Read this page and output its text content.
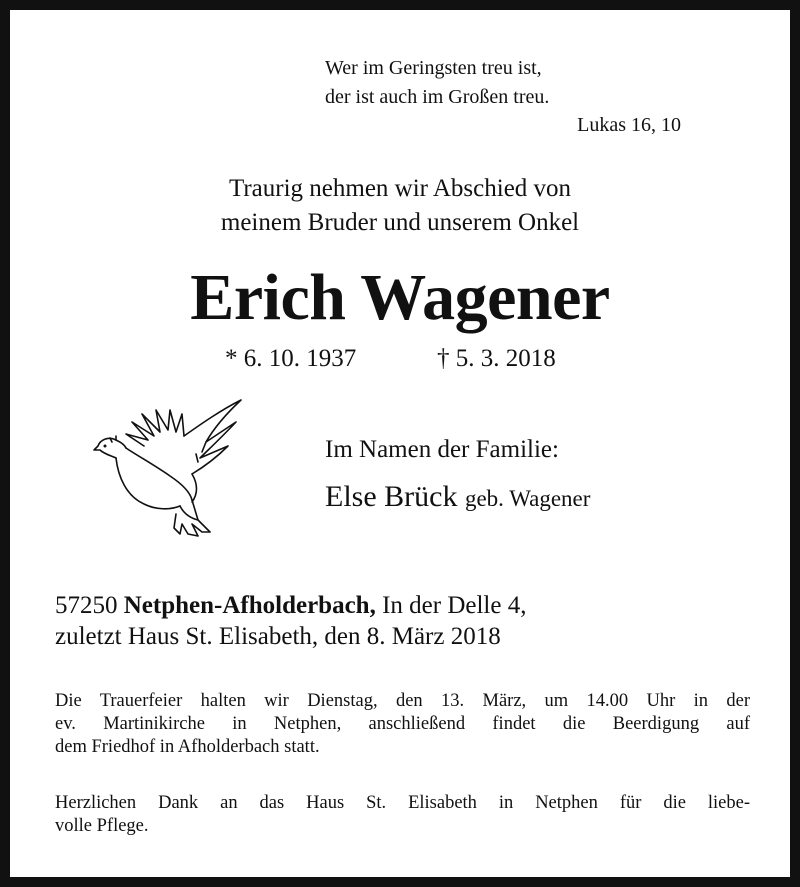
Wer im Geringsten treu ist,
der ist auch im Großen treu.
Lukas 16, 10
Traurig nehmen wir Abschied von
meinem Bruder und unserem Onkel
Erich Wagener
* 6. 10. 1937	† 5. 3. 2018
Im Namen der Familie:
Else Brück geb. Wagener
57250 Netphen-Afholderbach, In der Delle 4,
zuletzt Haus St. Elisabeth, den 8. März 2018
Die Trauerfeier halten wir Dienstag, den 13. März, um 14.00 Uhr in der
ev. Martinikirche in Netphen, anschließend findet die Beerdigung auf
dem Friedhof in Afholderbach statt.
Herzlichen Dank an das Haus St. Elisabeth in Netphen für die liebe-
volle Pflege.
